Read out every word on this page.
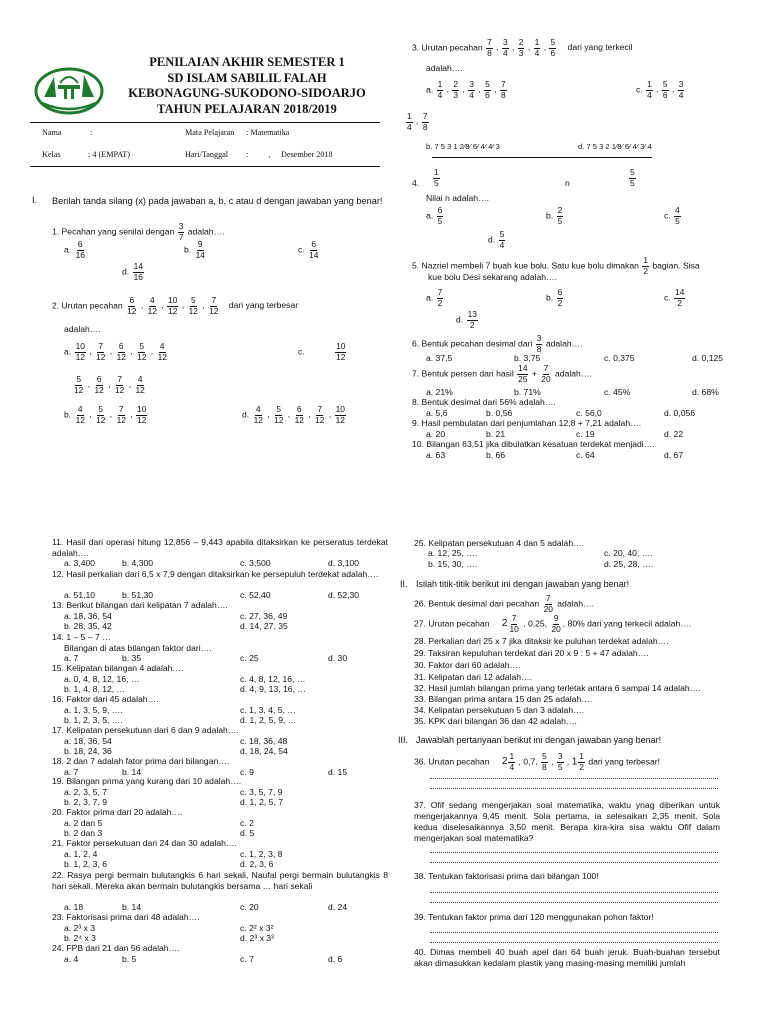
PENILAIAN AKHIR SEMESTER 1
SD ISLAM SABILIL FALAH
KEBONAGUNG-SUKODONO-SIDOARJO
TAHUN PELAJARAN 2018/2019
Nama	:	Mata Pelajaran : Matematika
Kelas	: 4 (EMPAT)	Hari/Tanggal :          ,     Desember 2018
I. Berilah tanda silang (x) pada jawaban a, b, c atau d dengan jawaban yang benar!
1. Pecahan yang senilai dengan $\frac{3}{7}$ adalah….
a. $\frac{6}{16}$	b. $\frac{9}{14}$	c. $\frac{6}{14}$
d. $\frac{14}{16}$
2. Urutan pecahan $\frac{6}{12}$ , $\frac{4}{12}$ , $\frac{10}{12}$ , $\frac{5}{12}$ , $\frac{7}{12}$ dari yang terbesar
adalah….
a. $\frac{10}{12}$ , $\frac{7}{12}$ , $\frac{6}{12}$ , $\frac{5}{12}$ , $\frac{4}{12}$	c.	$\frac{10}{12}$
$\frac{5}{12}$ , $\frac{6}{12}$ , $\frac{7}{12}$ , $\frac{4}{12}$
b. $\frac{4}{12}$ , $\frac{5}{12}$ , $\frac{7}{12}$ , $\frac{10}{12}$	d. $\frac{4}{12}$ , $\frac{5}{12}$ , $\frac{6}{12}$ , $\frac{7}{12}$ , $\frac{10}{12}$
3. Urutan pecahan $\frac{7}{8}$ , $\frac{3}{4}$ , $\frac{2}{3}$ , $\frac{1}{4}$ , $\frac{5}{6}$ dari yang terkecil
adalah….
a. $\frac{1}{4}$ , $\frac{2}{3}$ , $\frac{3}{4}$ , $\frac{5}{6}$ , $\frac{7}{8}$	c. $\frac{1}{4}$ , $\frac{5}{6}$ , $\frac{3}{4}$
$\frac{1}{4}$ , $\frac{7}{8}$
b. 7 5 3 1 2⁄8⁄ 6⁄ 4⁄ 4⁄ 3	d. 7 5 3 2 1⁄8⁄ 6⁄ 4⁄ 3⁄ 4
4. $\frac{1}{5}$	n	$\frac{5}{5}$
Nilai n adalah….
a. $\frac{6}{5}$	b. $\frac{2}{5}$	c. $\frac{4}{5}$
d. $\frac{5}{4}$
5. Nazriel membeli 7 buah kue bolu. Satu kue bolu dimakan $\frac{1}{2}$ bagian. Sisa
kue bolu Desi sekarang adalah….
a. $\frac{7}{2}$	b. $\frac{6}{2}$	c. $\frac{14}{2}$
d. $\frac{13}{2}$
6. Bentuk pecahan desimal dari $\frac{3}{8}$ adalah….
a. 37,5	b. 3,75	c. 0,375	d. 0,125
7. Bentuk persen dari hasil $\frac{14}{25} + \frac{7}{20}$ adalah….
a. 21%	b. 71%	c. 45%	d. 68%
8. Bentuk desimal dari 56% adalah….
a. 5,6	b. 0,56	c. 56,0	d. 0,056
9. Hasil pembulatan dari penjumlahan 12,8 + 7,21 adalah….
a. 20	b. 21	c. 19	d. 22
10. Bilangan 63,51 jika dibulatkan kesatuan terdekat menjadi….
a. 63	b. 66	c. 64	d. 67
11. Hasil dari operasi hitung 12,856 – 9,443 apabila ditaksirkan ke perseratus terdekat adalah….
a. 3,400	b. 4,300	c. 3,500	d. 3,100
12. Hasil perkalian dari 6,5 x 7,9 dengan ditaksirkan ke persepuluh terdekat adalah….
a. 51,10	b. 51,30	c. 52,40	d. 52,30
13. Berikut bilangan dari kelipatan 7 adalah….
a. 18, 36, 54	c. 27, 36, 49
b. 28, 35, 42	d. 14, 27, 35
14. 1 – 5 – 7 …
Bilangan di atas bilangan faktor dari….
a. 7	b. 35	c. 25	d. 30
15. Kelipatan bilangan 4 adalah….
a. 0, 4, 8, 12, 16, …	c. 4, 8, 12, 16, …
b. 1, 4, 8, 12, …	d. 4, 9, 13, 16, …
16. Faktor dari 45 adalah….
a. 1, 3, 5, 9, ….	c. 1, 3, 4, 5, …
b. 1, 2, 3, 5, ….	d. 1, 2, 5, 9, …
17. Kelipatan persekutuan dari 6 dan 9 adalah….
a. 18, 36, 54	c. 18, 36, 48
b. 18, 24, 36	d. 18, 24, 54
18. 2 dan 7 adalah fator prima dari bilangan….
a. 7	b. 14	c. 9	d. 15
19. Bilangan prima yang kurang dari 10 adalah….
a. 2, 3, 5, 7	c. 3, 5, 7, 9
b. 2, 3, 7, 9	d. 1, 2, 5, 7
20. Faktor prima dari 20 adalah….
a. 2 dan 5	c. 2
b. 2 dan 3	d. 5
21. Faktor persekutuan dari 24 dan 30 adalah….
a. 1, 2, 4	c. 1, 2, 3, 8
b. 1, 2, 3, 6	d. 2, 3, 6
22. Rasya pergi bermain bulutangkis 6 hari sekali, Naufal pergi bermain bulutangkis 8 hari sekali. Mereka akan bermain bulutangkis bersama … hari sekali
a. 18	b. 14	c. 20	d. 24
23. Faktorisasi prima dari 48 adalah….
a. 2³ x 3	c. 2² x 3²
b. 2⁴ x 3	d. 2³ x 3³
24. FPB dari 21 dan 56 adalah….
a. 4	b. 5	c. 7	d. 6
25. Kelipatan persekutuan 4 dan 5 adalah….
a. 12, 25, ….	c. 20, 40, ….
b. 15, 30, ….	d. 25, 28, ….
II. Isilah titik-titik berikut ini dengan jawaban yang benar!
26. Bentuk desimal dari pecahan $\frac{7}{20}$ adalah….
27. Urutan pecahan $2 \frac{7}{10}$ , 0,25, $\frac{9}{20}$ , 80% dari yang terkecil adalah….
28. Perkalian dari 25 x 7 jika ditaksir ke puluhan terdekat adalah….
29. Taksiran kepuluhan terdekat dari 20 x 9 : 5 + 47 adalah….
30. Faktor dari 60 adalah….
31. Kelipatan dari 12 adalah….
32. Hasil jumlah bilangan prima yang terletak antara 6 sampai 14 adalah….
33. Bilangan prima antara 15 dan 25 adalah….
34. Kelipatan persekutuan 5 dan 3 adalah….
35. KPK dari bilangan 36 dan 42 adalah….
III. Jawablah pertanyaan berikut ini dengan jawaban yang benar!
36. Urutan pecahan $2 \frac{1}{4}$ , 0,7, $\frac{5}{8}$ , $\frac{3}{5}$ , $1 \frac{1}{2}$ dari yang terbesar!
37. Ofif sedang mengerjakan soal matematika, waktu ynag diberikan untuk mengerjakannya 9,45 menit. Sola pertama, ia selesaikan 2,35 menit. Sola kedua diselesaikannya 3,50 menit. Berapa kira-kira sisa waktu Ofif dalam mengerjakan soal matematika?
38. Tentukan faktorisasi prima dari bilangan 100!
39. Tentukan faktor prima dari 120 menggunakan pohon faktor!
40. Dimas membeli 40 buah apel dan 64 buah jeruk. Buah-buahan tersebut akan dimasukkan kedalam plastik yang masing-masing memiliki jumlah
